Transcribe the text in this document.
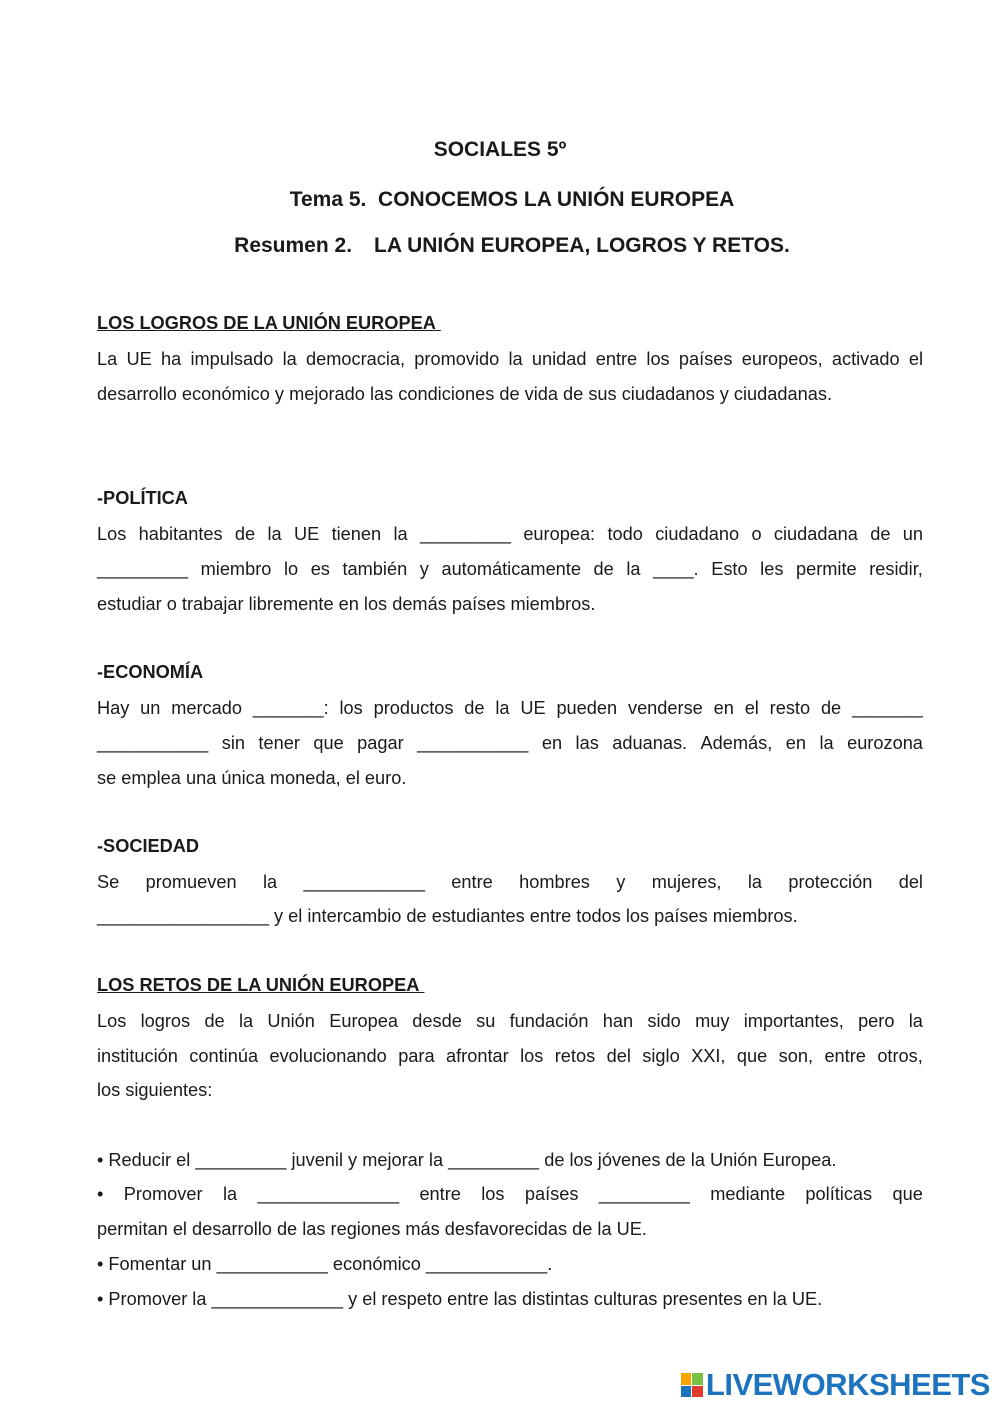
SOCIALES 5º
Tema 5. CONOCEMOS LA UNIÓN EUROPEA
Resumen 2. LA UNIÓN EUROPEA, LOGROS Y RETOS.
LOS LOGROS DE LA UNIÓN EUROPEA
La UE ha impulsado la democracia, promovido la unidad entre los países europeos, activado el desarrollo económico y mejorado las condiciones de vida de sus ciudadanos y ciudadanas.
-POLÍTICA
Los habitantes de la UE tienen la _________ europea: todo ciudadano o ciudadana de un
_________ miembro lo es también y automáticamente de la ____. Esto les permite residir,
estudiar o trabajar libremente en los demás países miembros.
-ECONOMÍA
Hay un mercado _______: los productos de la UE pueden venderse en el resto de _______
___________ sin tener que pagar ___________ en las aduanas. Además, en la eurozona
se emplea una única moneda, el euro.
-SOCIEDAD
Se promueven la ____________ entre hombres y mujeres, la protección del
_________________ y el intercambio de estudiantes entre todos los países miembros.
LOS RETOS DE LA UNIÓN EUROPEA
Los logros de la Unión Europea desde su fundación han sido muy importantes, pero la
institución continúa evolucionando para afrontar los retos del siglo XXI, que son, entre otros,
los siguientes:
• Reducir el _________ juvenil y mejorar la _________ de los jóvenes de la Unión Europea.
• Promover la ______________ entre los países _________ mediante políticas que
permitan el desarrollo de las regiones más desfavorecidas de la UE.
• Fomentar un ___________ económico ____________.
• Promover la _____________ y el respeto entre las distintas culturas presentes en la UE.
LIVEWORKSHEETS
